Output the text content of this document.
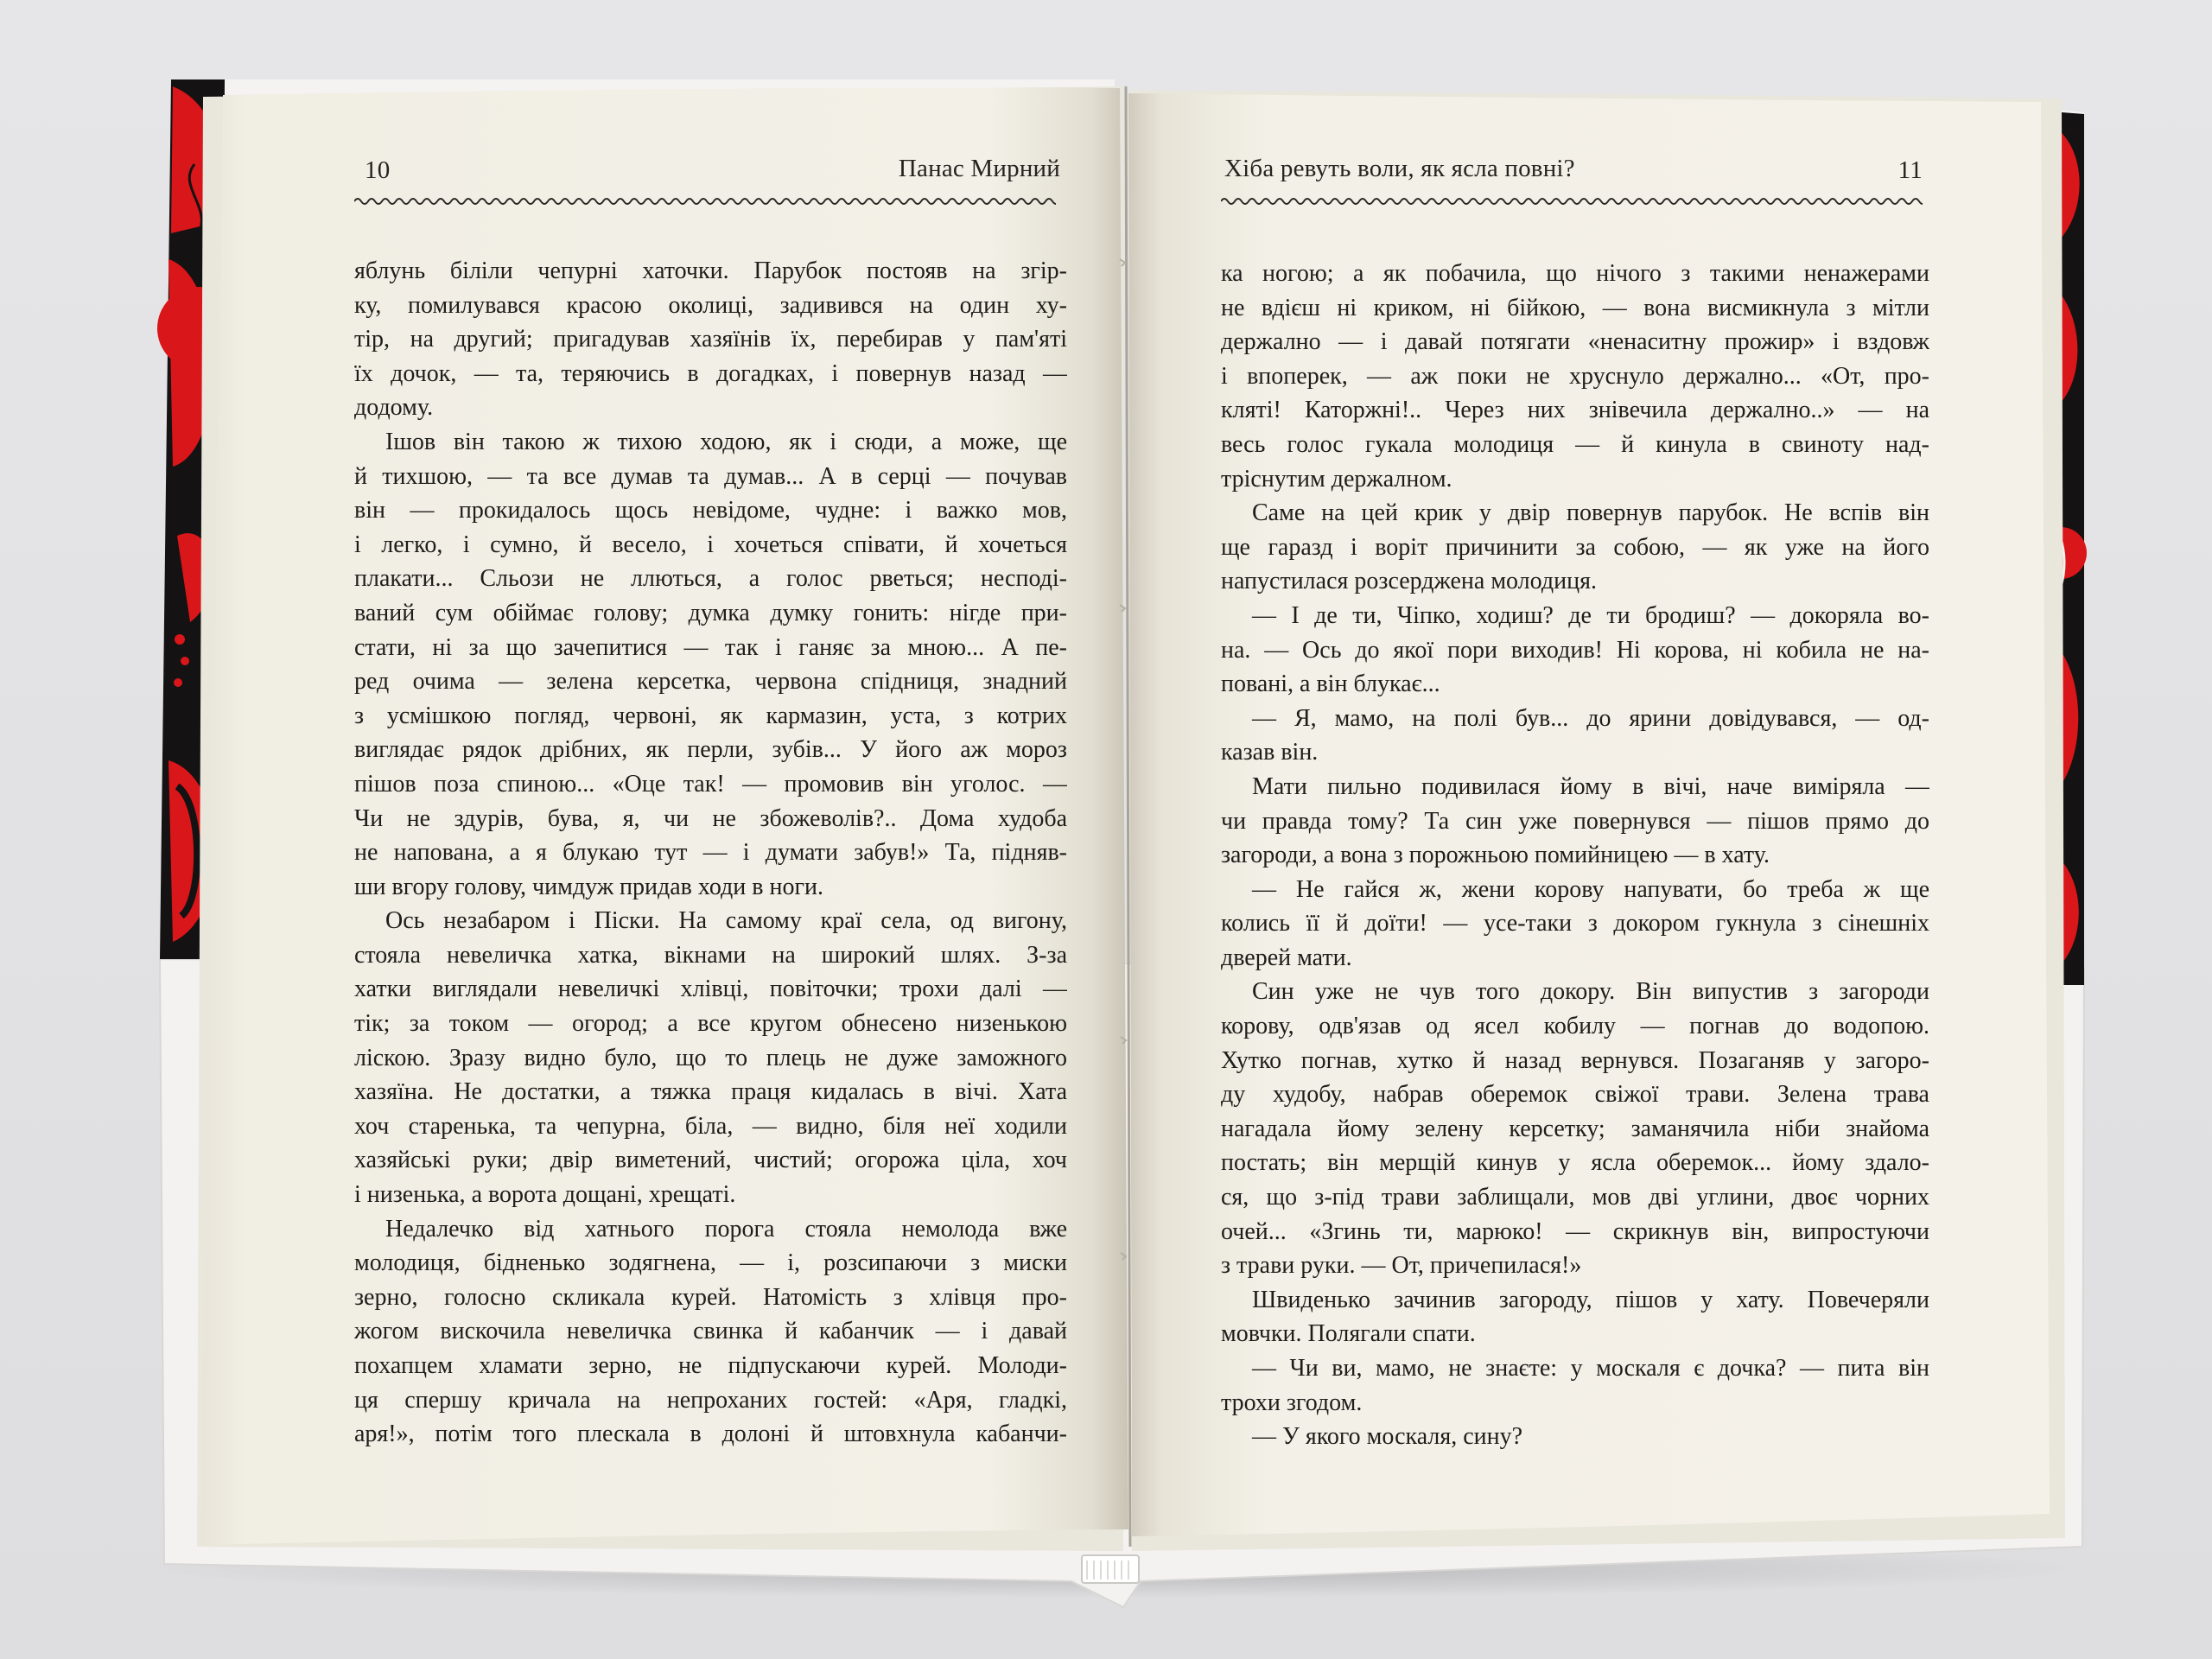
10	Панас Мирний
яблунь біліли чепурні хаточки. Парубок постояв на згір-
ку, помилувався красою околиці, задивився на один ху-
тір, на другий; пригадував хазяїнів їх, перебирав у пам'яті
їх дочок, — та, теряючись в догадках, і повернув назад —
додому.
Ішов він такою ж тихою ходою, як і сюди, а може, ще
й тихшою, — та все думав та думав... А в серці — почував
він — прокидалось щось невідоме, чудне: і важко мов,
і легко, і сумно, й весело, і хочеться співати, й хочеться
плакати... Сльози не ллються, а голос рветься; несподі-
ваний сум обіймає голову; думка думку гонить: нігде при-
стати, ні за що зачепитися — так і ганяє за мною... А пе-
ред очима — зелена керсетка, червона спідниця, знадний
з усмішкою погляд, червоні, як кармазин, уста, з котрих
виглядає рядок дрібних, як перли, зубів... У його аж мороз
пішов поза спиною... «Оце так! — промовив він уголос. —
Чи не здурів, бува, я, чи не збожеволів?.. Дома худоба
не напована, а я блукаю тут — і думати забув!» Та, підняв-
ши вгору голову, чимдуж придав ходи в ноги.
Ось незабаром і Піски. На самому краї села, од вигону,
стояла невеличка хатка, вікнами на широкий шлях. З-за
хатки виглядали невеличкі хлівці, повіточки; трохи далі —
тік; за током — огород; а все кругом обнесено низенькою
ліскою. Зразу видно було, що то плець не дуже заможного
хазяїна. Не достатки, а тяжка праця кидалась в вічі. Хата
хоч старенька, та чепурна, біла, — видно, біля неї ходили
хазяйські руки; двір виметений, чистий; огорожа ціла, хоч
і низенька, а ворота дощані, хрещаті.
Недалечко від хатнього порога стояла немолода вже
молодиця, бідненько зодягнена, — і, розсипаючи з миски
зерно, голосно скликала курей. Натомість з хлівця про-
жогом вискочила невеличка свинка й кабанчик — і давай
похапцем хламати зерно, не підпускаючи курей. Молоди-
ця спершу кричала на непроханих гостей: «Аря, гладкі,
аря!», потім того плескала в долоні й штовхнула кабанчи-
Хіба ревуть воли, як ясла повні?	11
ка ногою; а як побачила, що нічого з такими ненажерами
не вдієш ні криком, ні бійкою, — вона висмикнула з мітли
держално — і давай потягати «ненаситну прожир» і вздовж
і впоперек, — аж поки не хруснуло держално... «От, про-
кляті! Каторжні!.. Через них знівечила держално..» — на
весь голос гукала молодиця — й кинула в свиноту над-
тріснутим держалном.
Саме на цей крик у двір повернув парубок. Не вспів він
ще гаразд і воріт причинити за собою, — як уже на його
напустилася розсерджена молодиця.
— І де ти, Чіпко, ходиш? де ти бродиш? — докоряла во-
на. — Ось до якої пори виходив! Ні корова, ні кобила не на-
повані, а він блукає...
— Я, мамо, на полі був... до ярини довідувався, — од-
казав він.
Мати пильно подивилася йому в вічі, наче виміряла —
чи правда тому? Та син уже повернувся — пішов прямо до
загороди, а вона з порожньою помийницею — в хату.
— Не гайся ж, жени корову напувати, бо треба ж ще
колись її й доїти! — усе-таки з докором гукнула з сінешніх
дверей мати.
Син уже не чув того докору. Він випустив з загороди
корову, одв'язав од ясел кобилу — погнав до водопою.
Хутко погнав, хутко й назад вернувся. Позаганяв у загоро-
ду худобу, набрав оберемок свіжої трави. Зелена трава
нагадала йому зелену керсетку; заманячила ніби знайома
постать; він мерщій кинув у ясла оберемок... йому здало-
ся, що з-під трави заблищали, мов дві углини, двоє чорних
очей... «Згинь ти, марюко! — скрикнув він, випростуючи
з трави руки. — От, причепилася!»
Швиденько зачинив загороду, пішов у хату. Повечеряли
мовчки. Полягали спати.
— Чи ви, мамо, не знаєте: у москаля є дочка? — пита він
трохи згодом.
— У якого москаля, сину?
